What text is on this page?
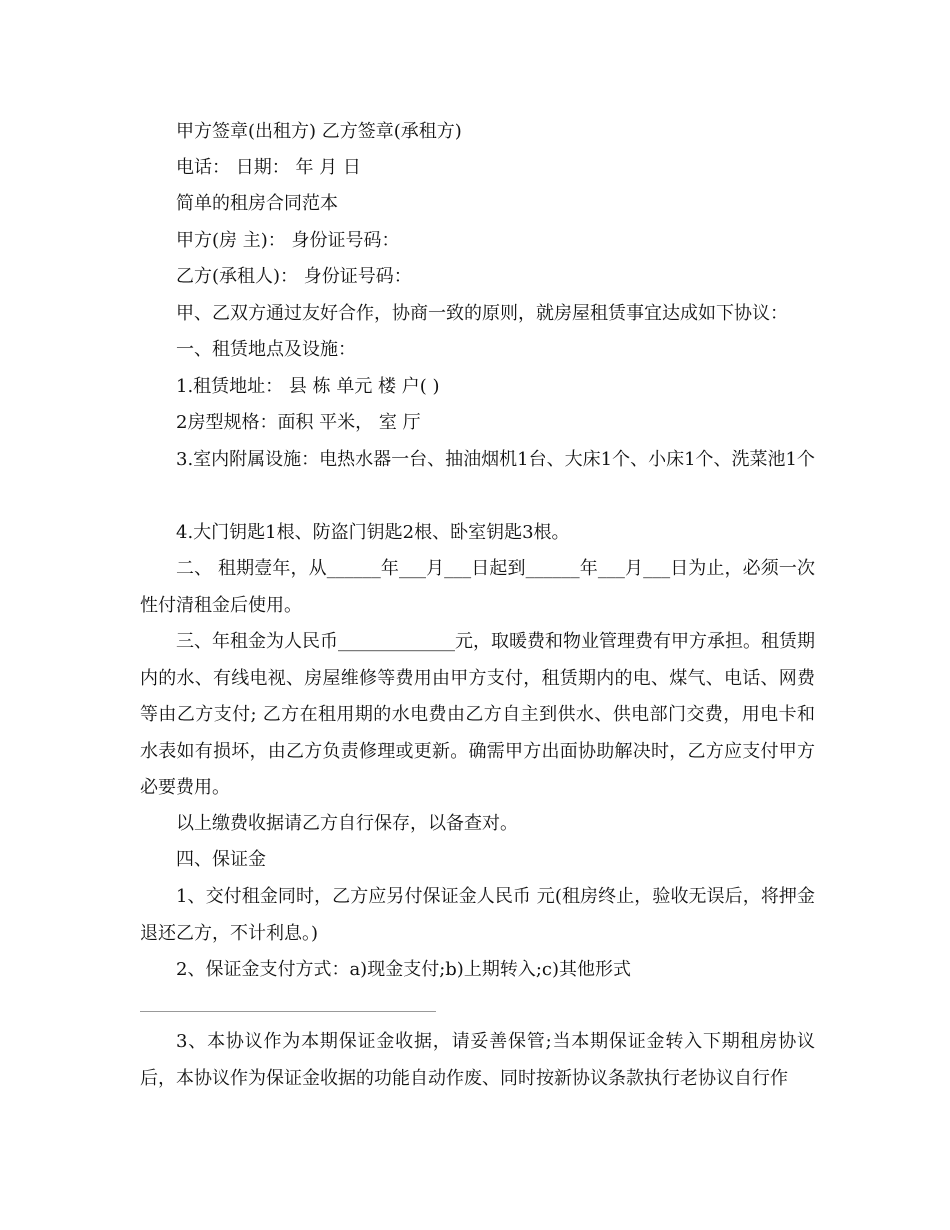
甲方签章(出租方) 乙方签章(承租方)

电话： 日期： 年 月 日

简单的租房合同范本

甲方(房 主)： 身份证号码：

乙方(承租人)： 身份证号码：

甲、乙双方通过友好合作，协商一致的原则，就房屋租赁事宜达成如下协议：

一、租赁地点及设施：

1.租赁地址： 县 栋 单元 楼 户( )

2房型规格：面积 平米， 室 厅

3.室内附属设施：电热水器一台、抽油烟机1台、大床1个、小床1个、洗菜池1个

4.大门钥匙1根、防盗门钥匙2根、卧室钥匙3根。

二、 租期壹年，从______年___月___日起到______年___月___日为止，必须一次性付清租金后使用。

三、年租金为人民币_____________元，取暖费和物业管理费有甲方承担。租赁期内的水、有线电视、房屋维修等费用由甲方支付，租赁期内的电、煤气、电话、网费等由乙方支付; 乙方在租用期的水电费由乙方自主到供水、供电部门交费，用电卡和水表如有损坏，由乙方负责修理或更新。确需甲方出面协助解决时，乙方应支付甲方必要费用。

以上缴费收据请乙方自行保存，以备查对。

四、保证金

1、交付租金同时，乙方应另付保证金人民币 元(租房终止，验收无误后，将押金退还乙方，不计利息。)

2、保证金支付方式：a)现金支付;b)上期转入;c)其他形式

3、本协议作为本期保证金收据，请妥善保管;当本期保证金转入下期租房协议后，本协议作为保证金收据的功能自动作废、同时按新协议条款执行老协议自行作
